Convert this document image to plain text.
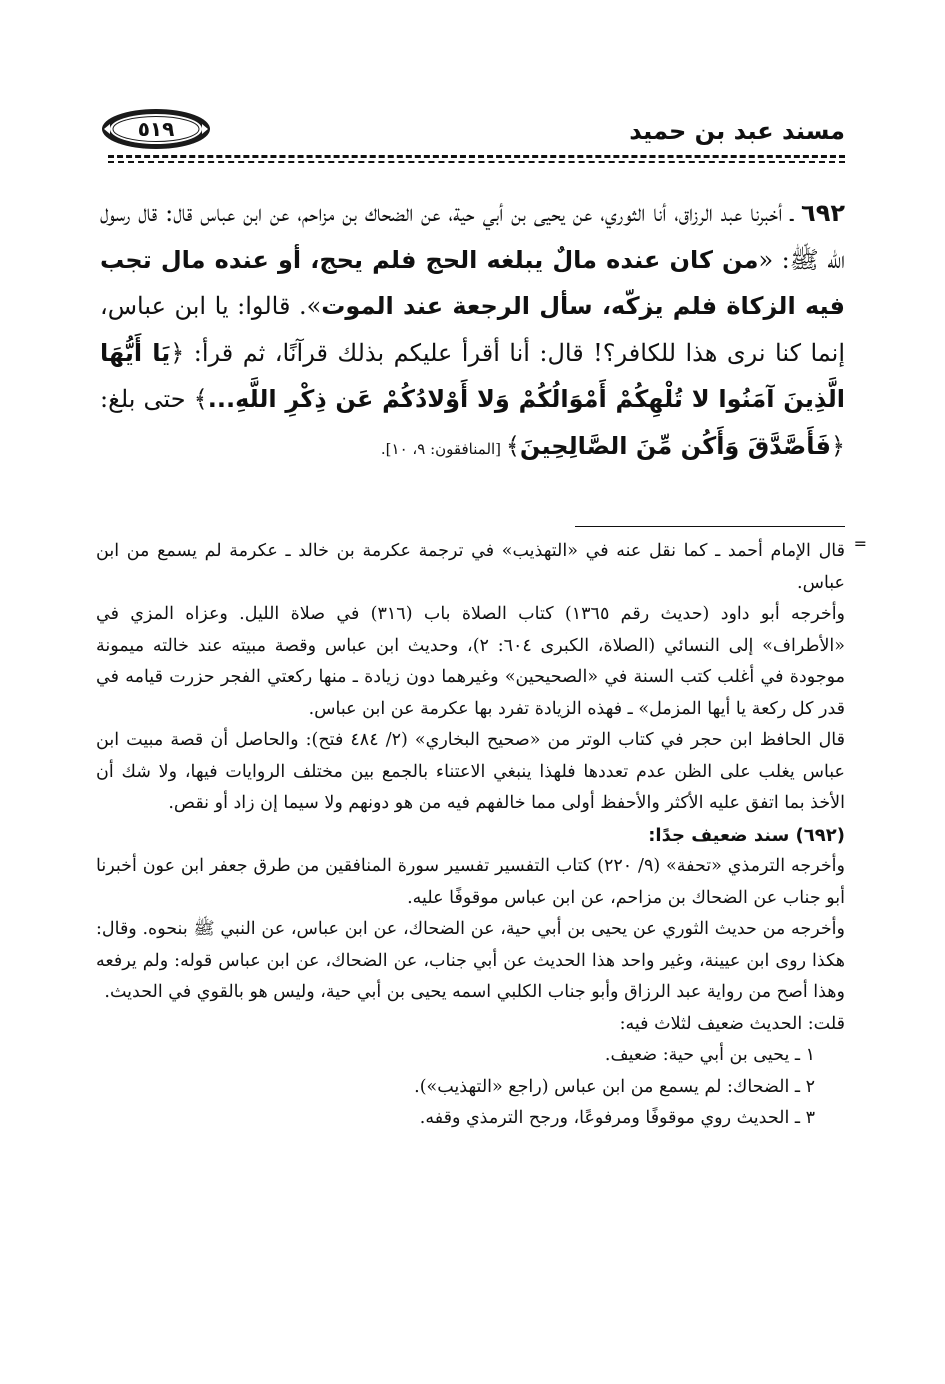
مسند عبد بن حميد
٥١٩
٦٩٢ ـ أخبرنا عبد الرزاق، أنا الثوري، عن يحيى بن أبي حية، عن الضحاك بن مزاحم، عن ابن عباس قال: قال رسول الله ﷺ: «من كان عنده مالٌ يبلغه الحج فلم يحج، أو عنده مال تجب فيه الزكاة فلم يزكّه، سأل الرجعة عند الموت». قالوا: يا ابن عباس، إنما كنا نرى هذا للكافر؟! قال: أنا أقرأ عليكم بذلك قرآنًا، ثم قرأ: ﴿يَا أَيُّهَا الَّذِينَ آمَنُوا لا تُلْهِكُمْ أَمْوَالُكُمْ وَلا أَوْلادُكُمْ عَن ذِكْرِ اللَّهِ...﴾ حتى بلغ: ﴿فَأَصَّدَّقَ وَأَكُن مِّنَ الصَّالِحِينَ﴾ [المنافقون: ٩، ١٠].
=

قال الإمام أحمد ـ كما نقل عنه في «التهذيب» في ترجمة عكرمة بن خالد ـ عكرمة لم يسمع من ابن عباس.

وأخرجه أبو داود (حديث رقم ١٣٦٥) كتاب الصلاة باب (٣١٦) في صلاة الليل. وعزاه المزي في «الأطراف» إلى النسائي (الصلاة، الكبرى ٦٠٤: ٢)، وحديث ابن عباس وقصة مبيته عند خالته ميمونة موجودة في أغلب كتب السنة في «الصحيحين» وغيرهما دون زيادة ـ منها ركعتي الفجر حزرت قيامه في قدر كل ركعة يا أيها المزمل» ـ فهذه الزيادة تفرد بها عكرمة عن ابن عباس.

قال الحافظ ابن حجر في كتاب الوتر من «صحيح البخاري» (٢/ ٤٨٤ فتح): والحاصل أن قصة مبيت ابن عباس يغلب على الظن عدم تعددها فلهذا ينبغي الاعتناء بالجمع بين مختلف الروايات فيها، ولا شك أن الأخذ بما اتفق عليه الأكثر والأحفظ أولى مما خالفهم فيه من هو دونهم ولا سيما إن زاد أو نقص.

(٦٩٢) سند ضعيف جدًا:

وأخرجه الترمذي «تحفة» (٩/ ٢٢٠) كتاب التفسير تفسير سورة المنافقين من طرق جعفر ابن عون أخبرنا أبو جناب عن الضحاك بن مزاحم، عن ابن عباس موقوفًا عليه.

وأخرجه من حديث الثوري عن يحيى بن أبي حية، عن الضحاك، عن ابن عباس، عن النبي ﷺ بنحوه. وقال: هكذا روى ابن عيينة، وغير واحد هذا الحديث عن أبي جناب، عن الضحاك، عن ابن عباس قوله: ولم يرفعه وهذا أصح من رواية عبد الرزاق وأبو جناب الكلبي اسمه يحيى بن أبي حية، وليس هو بالقوي في الحديث.

قلت: الحديث ضعيف لثلاث فيه:

١ ـ يحيى بن أبي حية: ضعيف.

٢ ـ الضحاك: لم يسمع من ابن عباس (راجع «التهذيب»).

٣ ـ الحديث روي موقوفًا ومرفوعًا، ورجح الترمذي وقفه.
